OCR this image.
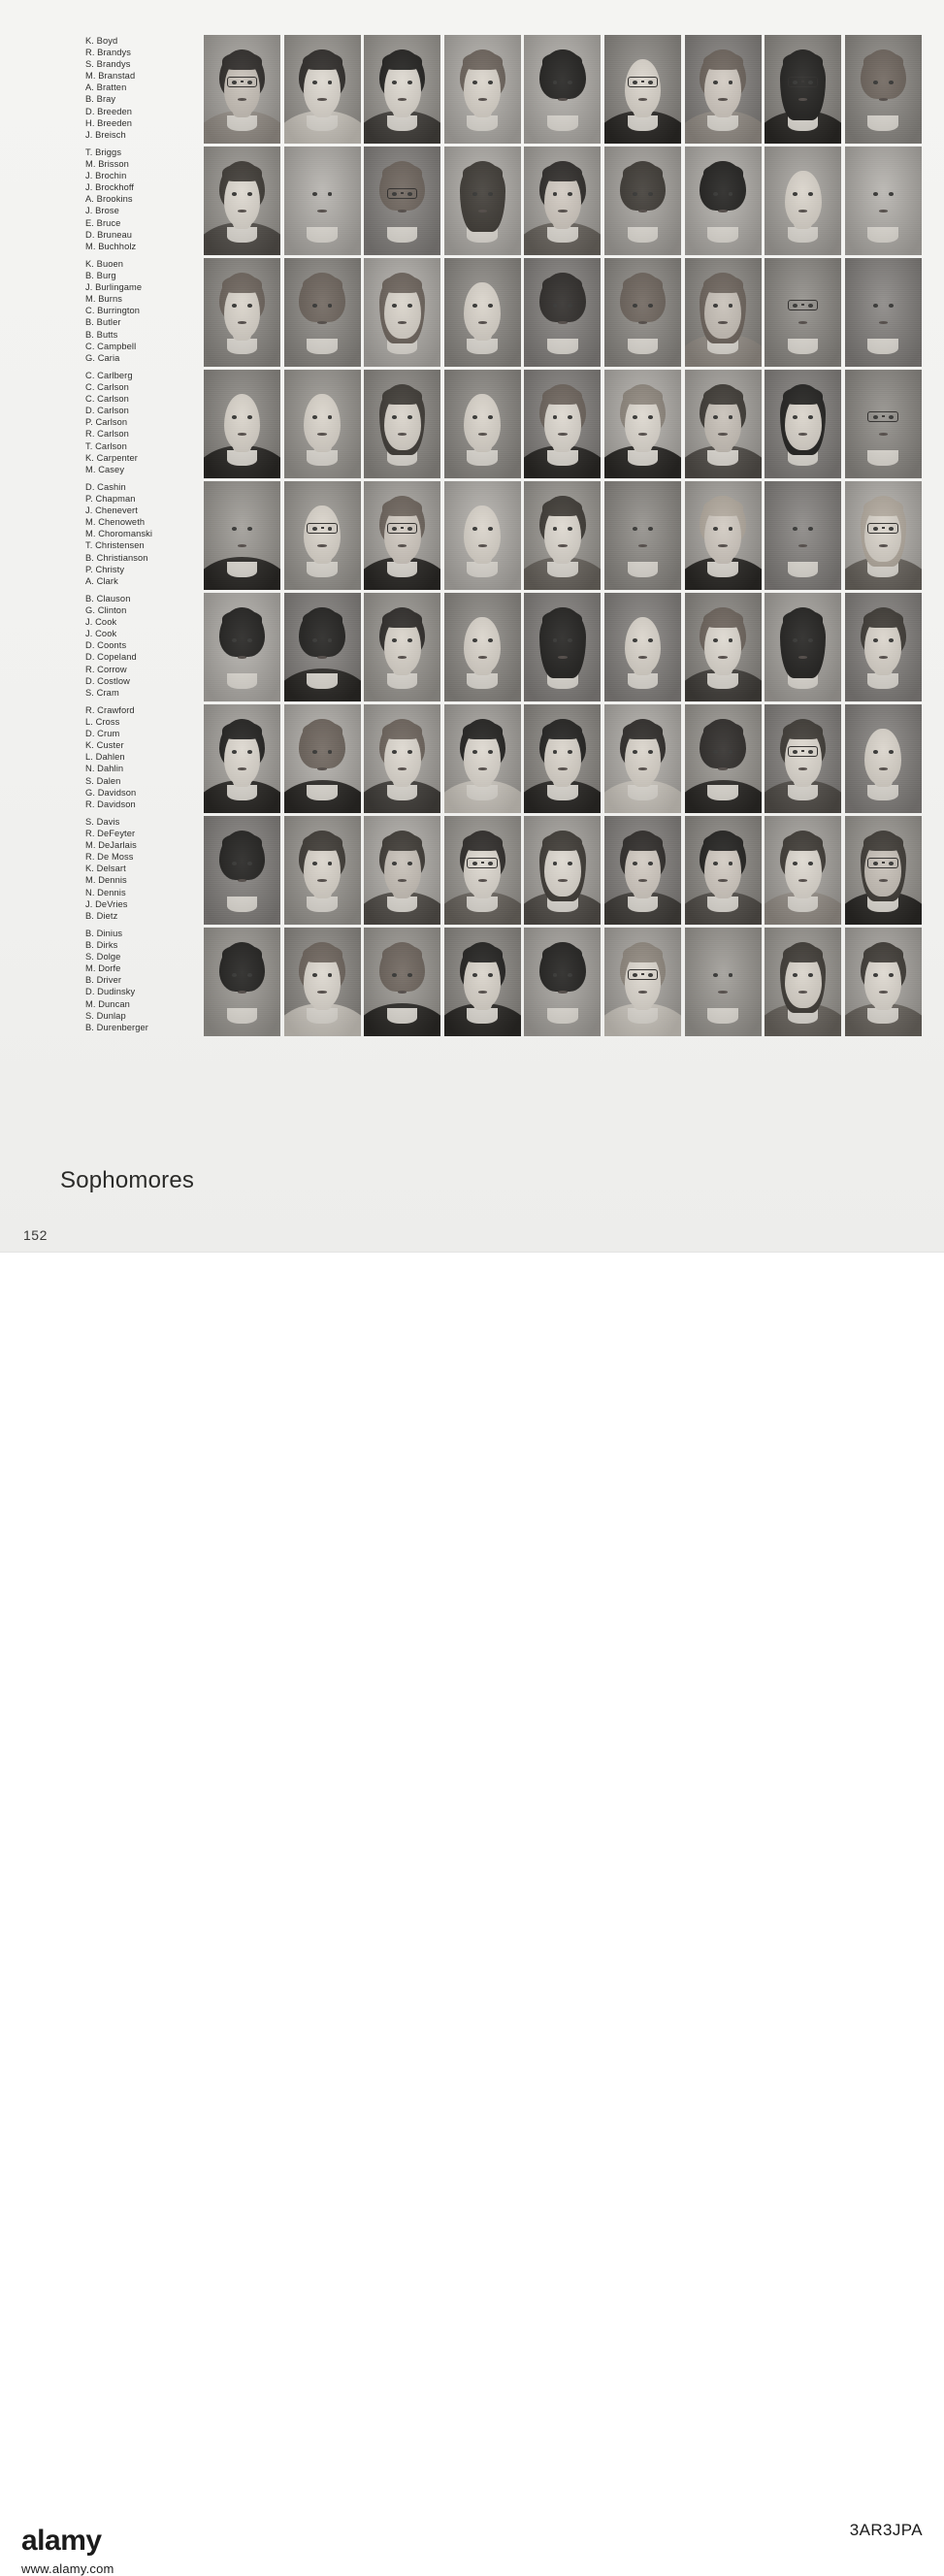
K. Boyd
R. Brandys
S. Brandys
M. Branstad
A. Bratten
B. Bray
D. Breeden
H. Breeden
J. Breisch
T. Briggs
M. Brisson
J. Brochin
J. Brockhoff
A. Brookins
J. Brose
E. Bruce
D. Bruneau
M. Buchholz
K. Buoen
B. Burg
J. Burlingame
M. Burns
C. Burrington
B. Butler
B. Butts
C. Campbell
G. Caria
C. Carlberg
C. Carlson
C. Carlson
D. Carlson
P. Carlson
R. Carlson
T. Carlson
K. Carpenter
M. Casey
D. Cashin
P. Chapman
J. Chenevert
M. Chenoweth
M. Choromanski
T. Christensen
B. Christianson
P. Christy
A. Clark
B. Clauson
G. Clinton
J. Cook
J. Cook
D. Coonts
D. Copeland
R. Corrow
D. Costlow
S. Cram
R. Crawford
L. Cross
D. Crum
K. Custer
L. Dahlen
N. Dahlin
S. Dalen
G. Davidson
R. Davidson
S. Davis
R. DeFeyter
M. DeJarlais
R. De Moss
K. Delsart
M. Dennis
N. Dennis
J. DeVries
B. Dietz
B. Dinius
B. Dirks
S. Dolge
M. Dorfe
B. Driver
D. Dudinsky
M. Duncan
S. Dunlap
B. Durenberger
Sophomores
152
alamy
www.alamy.com
3AR3JPA
